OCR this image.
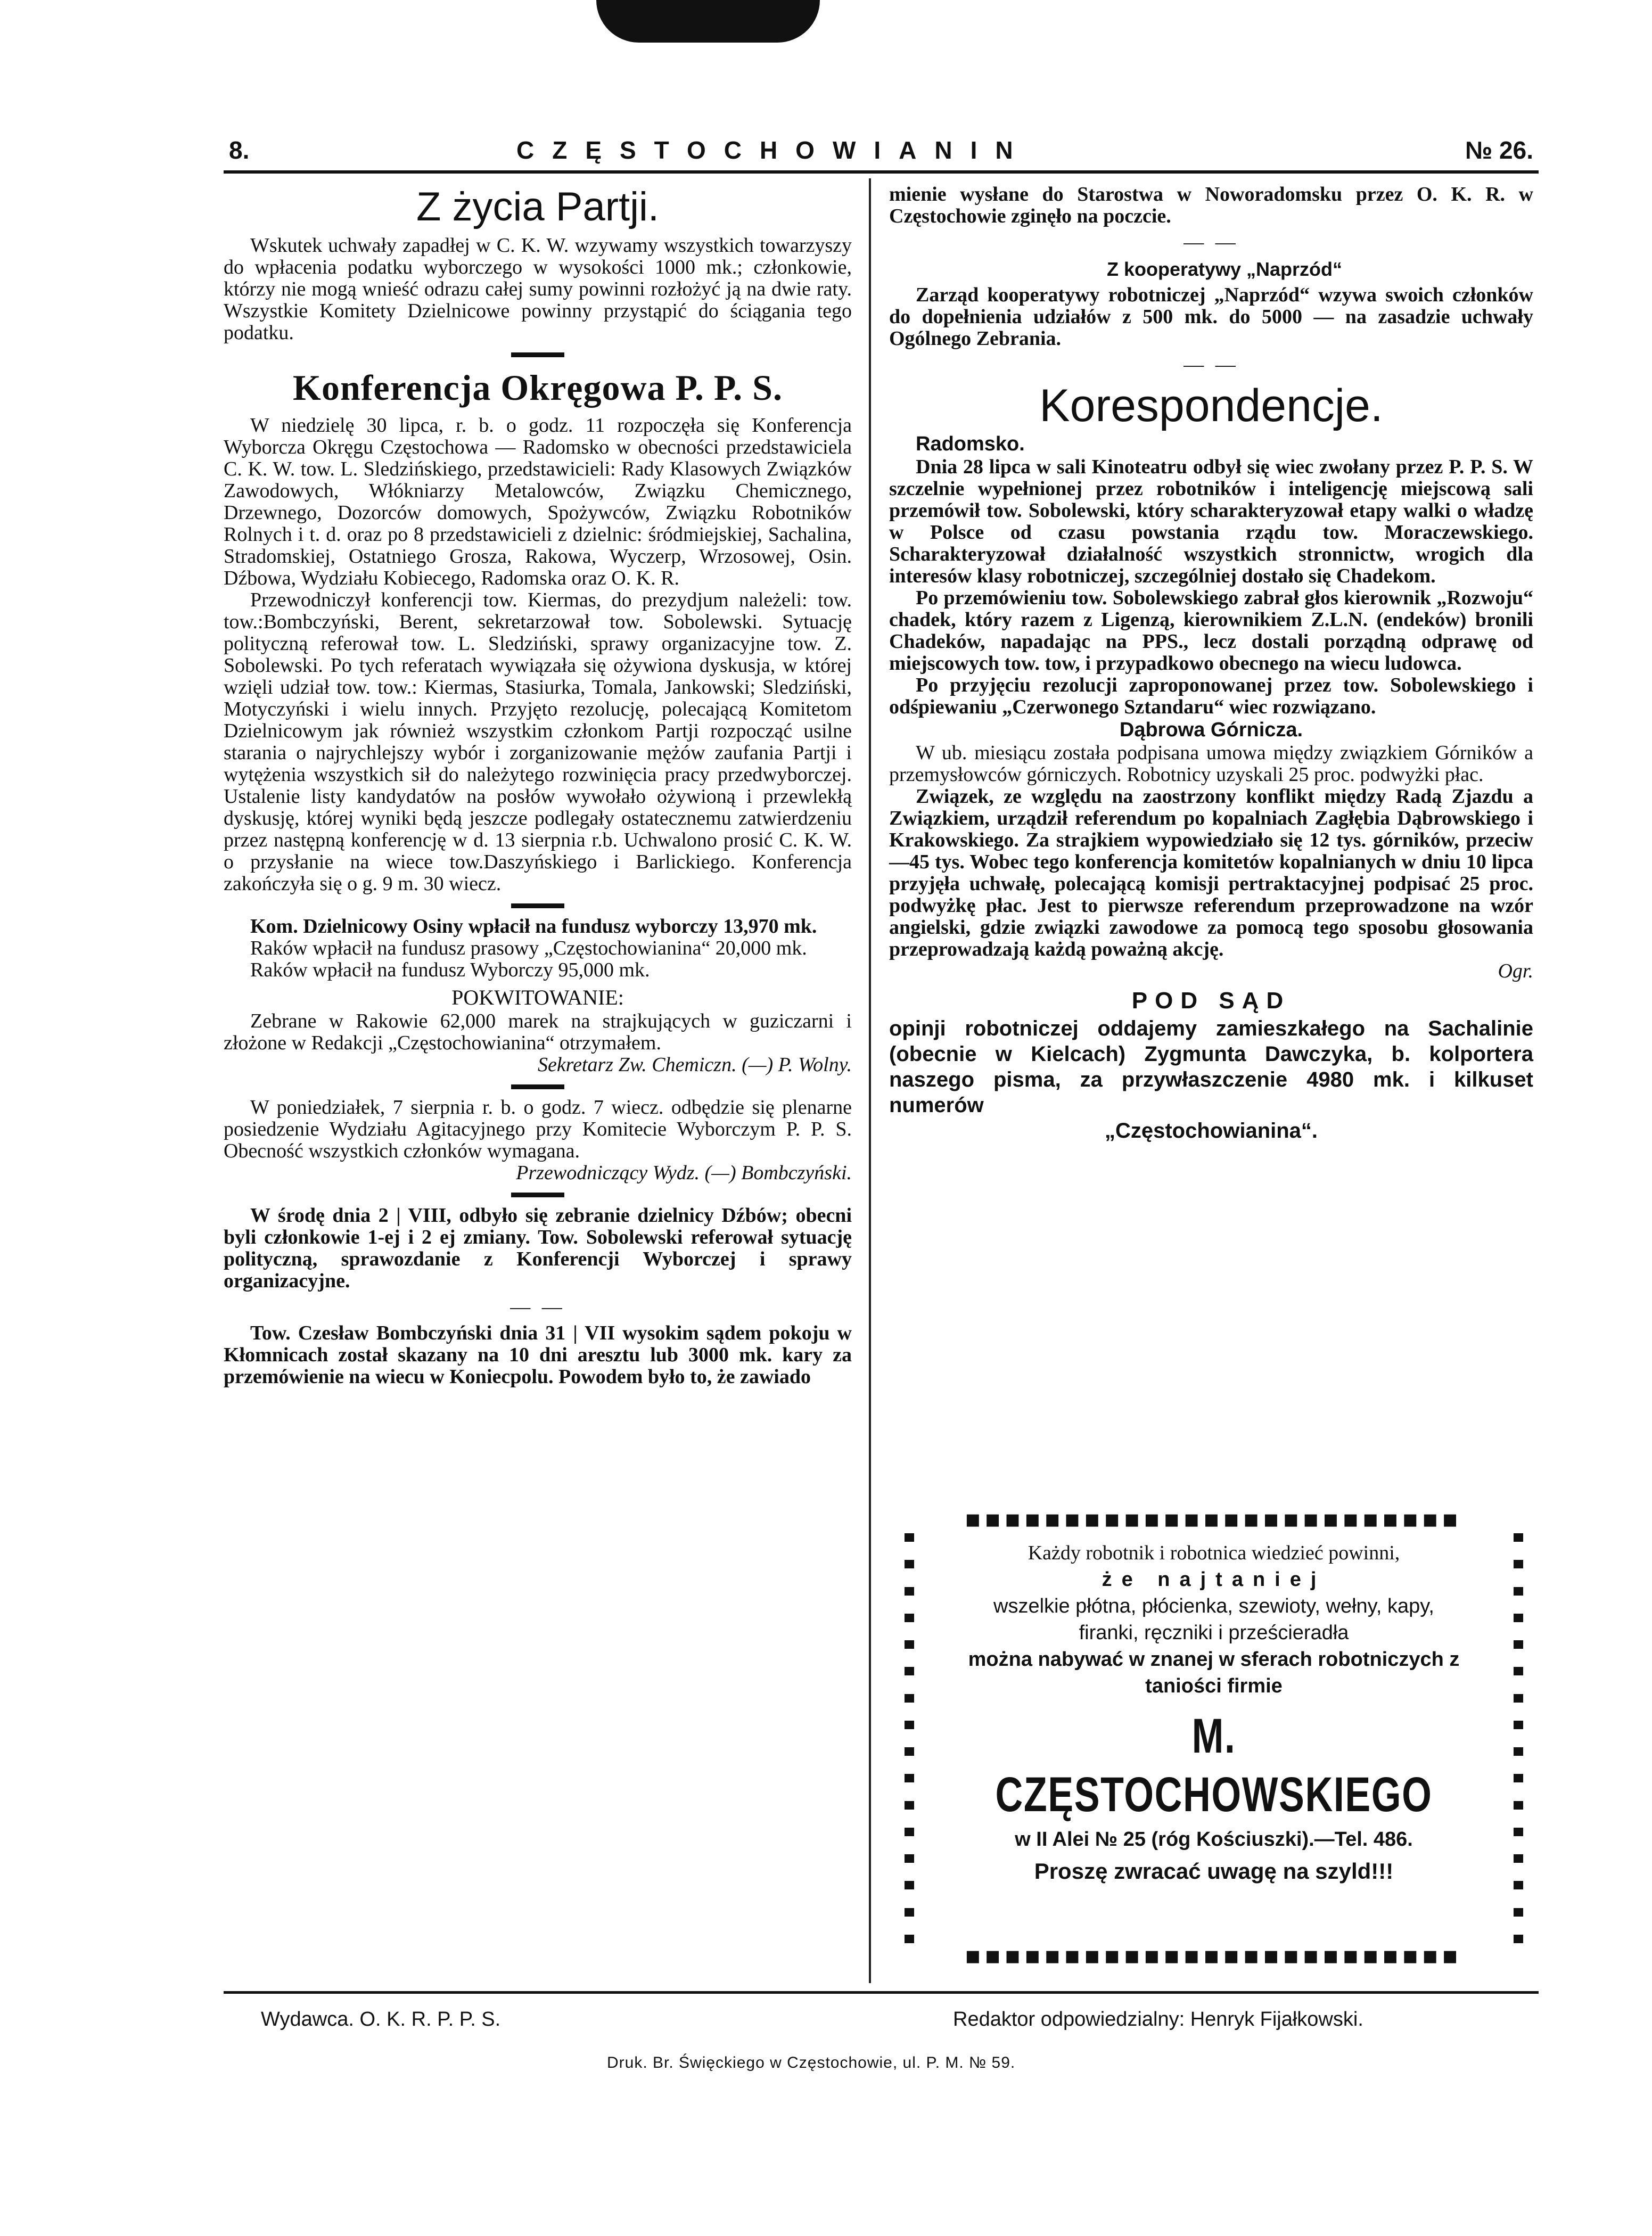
8.	CZĘSTOCHOWIANIN	№ 26.
Z życia Partji.

Wskutek uchwały zapadłej w C. K. W. wzywamy wszystkich towarzyszy do wpłacenia podatku wyborczego w wysokości 1000 mk.; członkowie, którzy nie mogą wnieść odrazu całej sumy powinni rozłożyć ją na dwie raty. Wszystkie Komitety Dzielnicowe powinny przystąpić do ściągania tego podatku.

Konferencja Okręgowa P. P. S.

W niedzielę 30 lipca, r. b. o godz. 11 rozpoczęła się Konferencja Wyborcza Okręgu Częstochowa — Radomsko w obecności przedstawiciela C. K. W. tow. L. Sledzińskiego, przedstawicieli: Rady Klasowych Związków Zawodowych, Włókniarzy Metalowców, Związku Chemicznego, Drzewnego, Dozorców domowych, Spożywców, Związku Robotników Rolnych i t. d. oraz po 8 przedstawicieli z dzielnic: śródmiejskiej, Sachalina, Stradomskiej, Ostatniego Grosza, Rakowa, Wyczerp, Wrzosowej, Osin. Dźbowa, Wydziału Kobiecego, Radomska oraz O. K. R.

Przewodniczył konferencji tow. Kiermas, do prezydjum należeli: tow. tow.:Bombczyński, Berent, sekretarzował tow. Sobolewski. Sytuację polityczną referował tow. L. Sledziński, sprawy organizacyjne tow. Z. Sobolewski. Po tych referatach wywiązała się ożywiona dyskusja, w której wzięli udział tow. tow.: Kiermas, Stasiurka, Tomala, Jankowski; Sledziński, Motyczyński i wielu innych. Przyjęto rezolucję, polecającą Komitetom Dzielnicowym jak również wszystkim członkom Partji rozpocząć usilne starania o najrychlejszy wybór i zorganizowanie mężów zaufania Partji i wytężenia wszystkich sił do należytego rozwinięcia pracy przedwyborczej. Ustalenie listy kandydatów na posłów wywołało ożywioną i przewlekłą dyskusję, której wyniki będą jeszcze podlegały ostatecznemu zatwierdzeniu przez następną konferencję w d. 13 sierpnia r.b. Uchwalono prosić C. K. W. o przysłanie na wiece tow.Daszyńskiego i Barlickiego. Konferencja zakończyła się o g. 9 m. 30 wiecz.

Kom. Dzielnicowy Osiny wpłacił na fundusz wyborczy 13,970 mk.

Raków wpłacił na fundusz prasowy „Częstochowianina“ 20,000 mk.

Raków wpłacił na fundusz Wyborczy 95,000 mk.

POKWITOWANIE:

Zebrane w Rakowie 62,000 marek na strajkujących w guziczarni i złożone w Redakcji „Częstochowianina“ otrzymałem.

Sekretarz Zw. Chemiczn. (—) P. Wolny.

W poniedziałek, 7 sierpnia r. b. o godz. 7 wiecz. odbędzie się plenarne posiedzenie Wydziału Agitacyjnego przy Komitecie Wyborczym P. P. S. Obecność wszystkich członków wymagana.

Przewodniczący Wydz. (—) Bombczyński.

W środę dnia 2 | VIII, odbyło się zebranie dzielnicy Dźbów; obecni byli członkowie 1-ej i 2 ej zmiany. Tow. Sobolewski referował sytuację polityczną, sprawozdanie z Konferencji Wyborczej i sprawy organizacyjne.

— —

Tow. Czesław Bombczyński dnia 31 | VII wysokim sądem pokoju w Kłomnicach został skazany na 10 dni aresztu lub 3000 mk. kary za przemówienie na wiecu w Koniecpolu. Powodem było to, że zawiado

mienie wysłane do Starostwa w Noworadomsku przez O. K. R. w Częstochowie zginęło na poczcie.

— —

Z kooperatywy „Naprzód“

Zarząd kooperatywy robotniczej „Naprzód“ wzywa swoich członków do dopełnienia udziałów z 500 mk. do 5000 — na zasadzie uchwały Ogólnego Zebrania.

— —

Korespondencje.

Radomsko.

Dnia 28 lipca w sali Kinoteatru odbył się wiec zwołany przez P. P. S. W szczelnie wypełnionej przez robotników i inteligencję miejscową sali przemówił tow. Sobolewski, który scharakteryzował etapy walki o władzę w Polsce od czasu powstania rządu tow. Moraczewskiego. Scharakteryzował działalność wszystkich stronnictw, wrogich dla interesów klasy robotniczej, szczególniej dostało się Chadekom.

Po przemówieniu tow. Sobolewskiego zabrał głos kierownik „Rozwoju“ chadek, który razem z Ligenzą, kierownikiem Z.L.N. (endeków) bronili Chadeków, napadając na PPS., lecz dostali porządną odprawę od miejscowych tow. tow, i przypadkowo obecnego na wiecu ludowca.

Po przyjęciu rezolucji zaproponowanej przez tow. Sobolewskiego i odśpiewaniu „Czerwonego Sztandaru“ wiec rozwiązano.

Dąbrowa Górnicza.

W ub. miesiącu została podpisana umowa między związkiem Górników a przemysłowców górniczych. Robotnicy uzyskali 25 proc. podwyżki płac.

Związek, ze względu na zaostrzony konflikt między Radą Zjazdu a Związkiem, urządził referendum po kopalniach Zagłębia Dąbrowskiego i Krakowskiego. Za strajkiem wypowiedziało się 12 tys. górników, przeciw —45 tys. Wobec tego konferencja komitetów kopalnianych w dniu 10 lipca przyjęła uchwałę, polecającą komisji pertraktacyjnej podpisać 25 proc. podwyżkę płac. Jest to pierwsze referendum przeprowadzone na wzór angielski, gdzie związki zawodowe za pomocą tego sposobu głosowania przeprowadzają każdą poważną akcję.

Ogr.

POD SĄD

opinji robotniczej oddajemy zamieszkałego na Sachalinie (obecnie w Kielcach) Zygmunta Dawczyka, b. kolportera naszego pisma, za przywłaszczenie 4980 mk. i kilkuset numerów

„Częstochowianina“.

■■■■■■■■■■■■■■■■■■■■■■■■■

Każdy robotnik i robotnica wiedzieć powinni,

że najtaniej

wszelkie płótna, płócienka, szewioty, wełny, kapy,

firanki, ręczniki i prześcieradła

można nabywać w znanej w sferach robotniczych z taniości firmie

M. CZĘSTOCHOWSKIEGO

w II Alei № 25 (róg Kościuszki).—Tel. 486.

Proszę zwracać uwagę na szyld!!!

■■■■■■■■■■■■■■■■■■■■■■■■■
Wydawca. O. K. R. P. P. S.	Redaktor odpowiedzialny: Henryk Fijałkowski.
Druk. Br. Święckiego w Częstochowie, ul. P. M. № 59.
